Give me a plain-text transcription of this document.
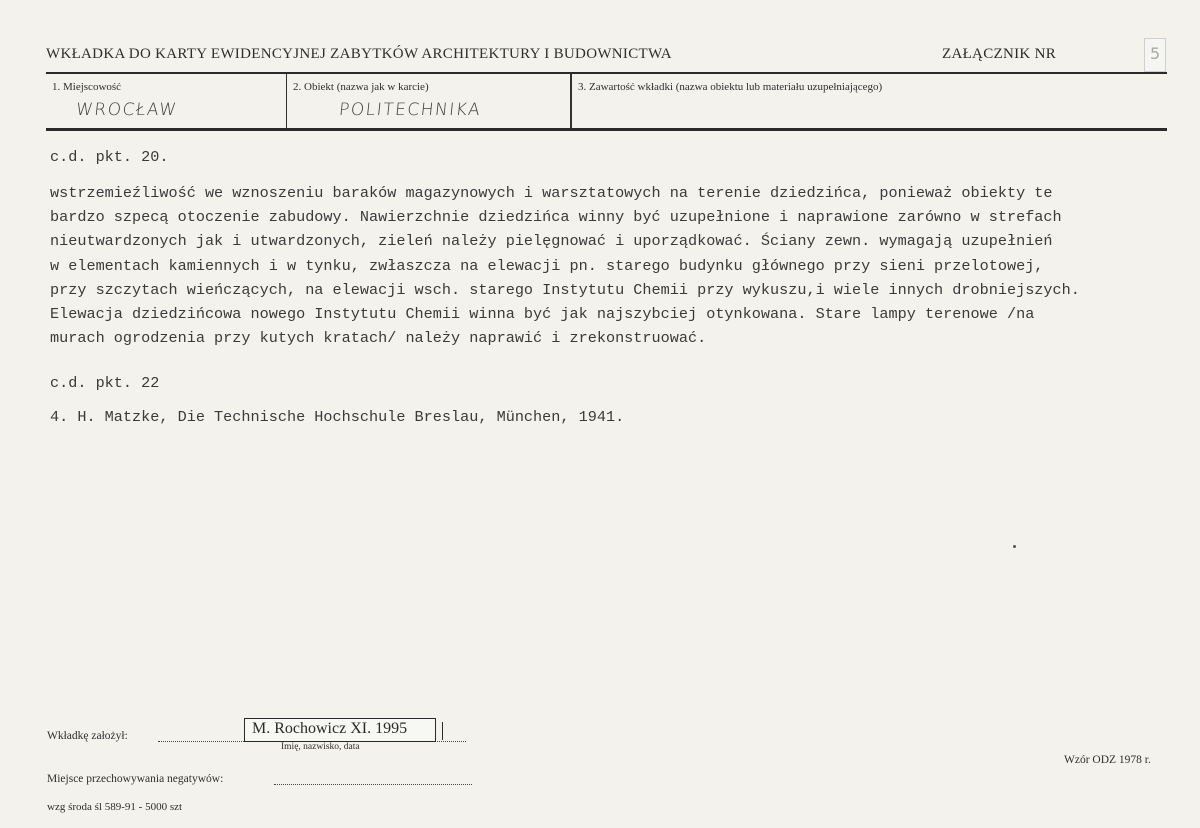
WKŁADKA DO KARTY EWIDENCYJNEJ ZABYTKÓW ARCHITEKTURY I BUDOWNICTWA	ZAŁĄCZNIK NR	5
1. Miejscowość
WROCŁAW
2. Obiekt (nazwa jak w karcie)
POLITECHNIKA
3. Zawartość wkładki (nazwa obiektu lub materiału uzupełniającego)
c.d. pkt. 20.
wstrzemieźliwość we wznoszeniu baraków magazynowych i warsztatowych na terenie dziedzińca, ponieważ obiekty te
bardzo szpecą otoczenie zabudowy. Nawierzchnie dziedzińca winny być uzupełnione i naprawione zarówno w strefach
nieutwardzonych jak i utwardzonych, zieleń należy pielęgnować i uporządkować. Ściany zewn. wymagają uzupełnień
w elementach kamiennych i w tynku, zwłaszcza na elewacji pn. starego budynku głównego przy sieni przelotowej,
przy szczytach wieńczących, na elewacji wsch. starego Instytutu Chemii przy wykuszu,i wiele innych drobniejszych.
Elewacja dziedzińcowa nowego Instytutu Chemii winna być jak najszybciej otynkowana. Stare lampy terenowe /na
murach ogrodzenia przy kutych kratach/ należy naprawić i zrekonstruować.
c.d. pkt. 22
4. H. Matzke, Die Technische Hochschule Breslau, München, 1941.
Wkładkę założył:	M. Rochowicz XI. 1995
Imię, nazwisko, data
Wzór ODZ 1978 r.
Miejsce przechowywania negatywów:
wzg środa śl 589-91 - 5000 szt
